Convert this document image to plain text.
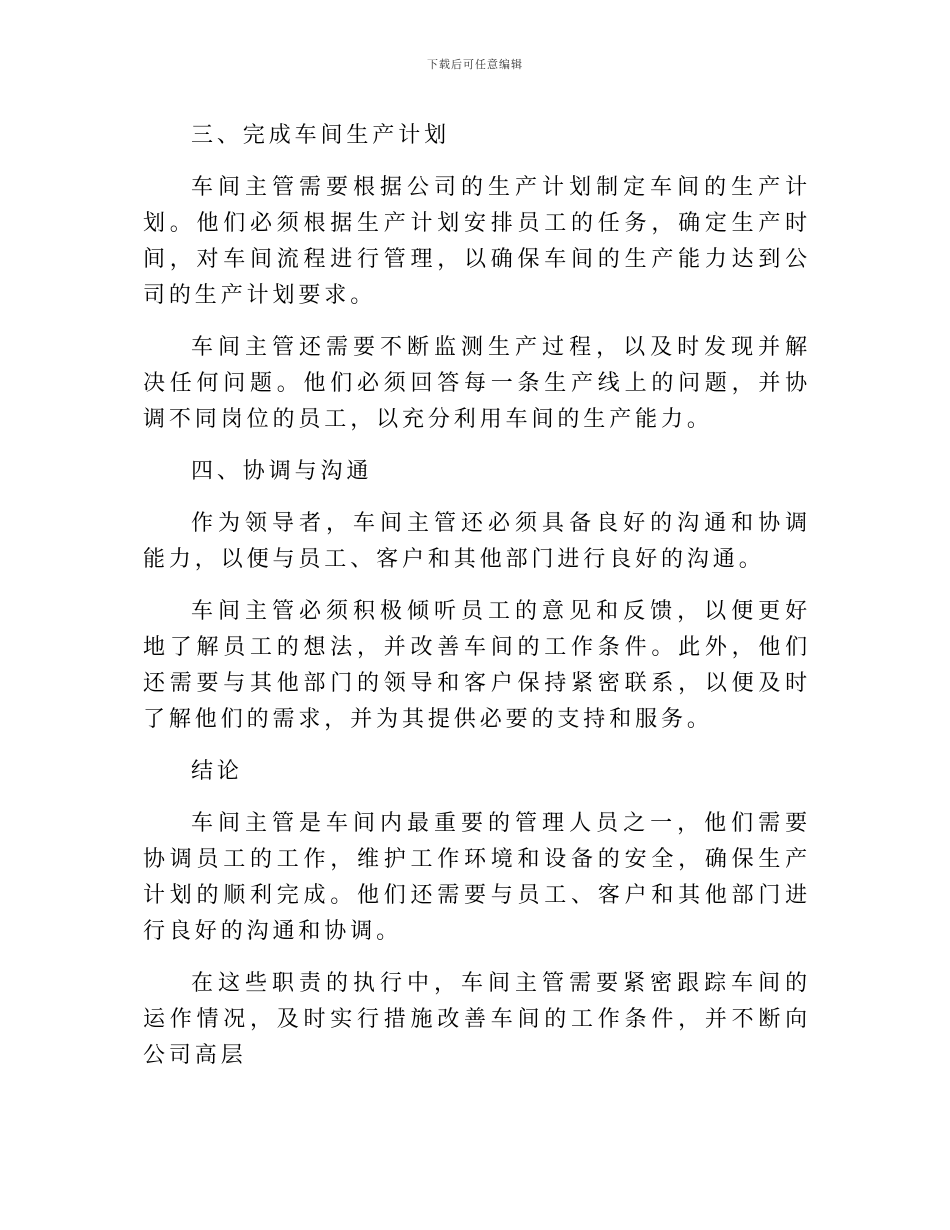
下载后可任意编辑

三、完成车间生产计划

车间主管需要根据公司的生产计划制定车间的生产计划。他们必须根据生产计划安排员工的任务，确定生产时间，对车间流程进行管理，以确保车间的生产能力达到公司的生产计划要求。

车间主管还需要不断监测生产过程，以及时发现并解决任何问题。他们必须回答每一条生产线上的问题，并协调不同岗位的员工，以充分利用车间的生产能力。

四、协调与沟通

作为领导者，车间主管还必须具备良好的沟通和协调能力，以便与员工、客户和其他部门进行良好的沟通。

车间主管必须积极倾听员工的意见和反馈，以便更好地了解员工的想法，并改善车间的工作条件。此外，他们还需要与其他部门的领导和客户保持紧密联系，以便及时了解他们的需求，并为其提供必要的支持和服务。

结论

车间主管是车间内最重要的管理人员之一，他们需要协调员工的工作，维护工作环境和设备的安全，确保生产计划的顺利完成。他们还需要与员工、客户和其他部门进行良好的沟通和协调。

在这些职责的执行中，车间主管需要紧密跟踪车间的运作情况，及时实行措施改善车间的工作条件，并不断向公司高层
